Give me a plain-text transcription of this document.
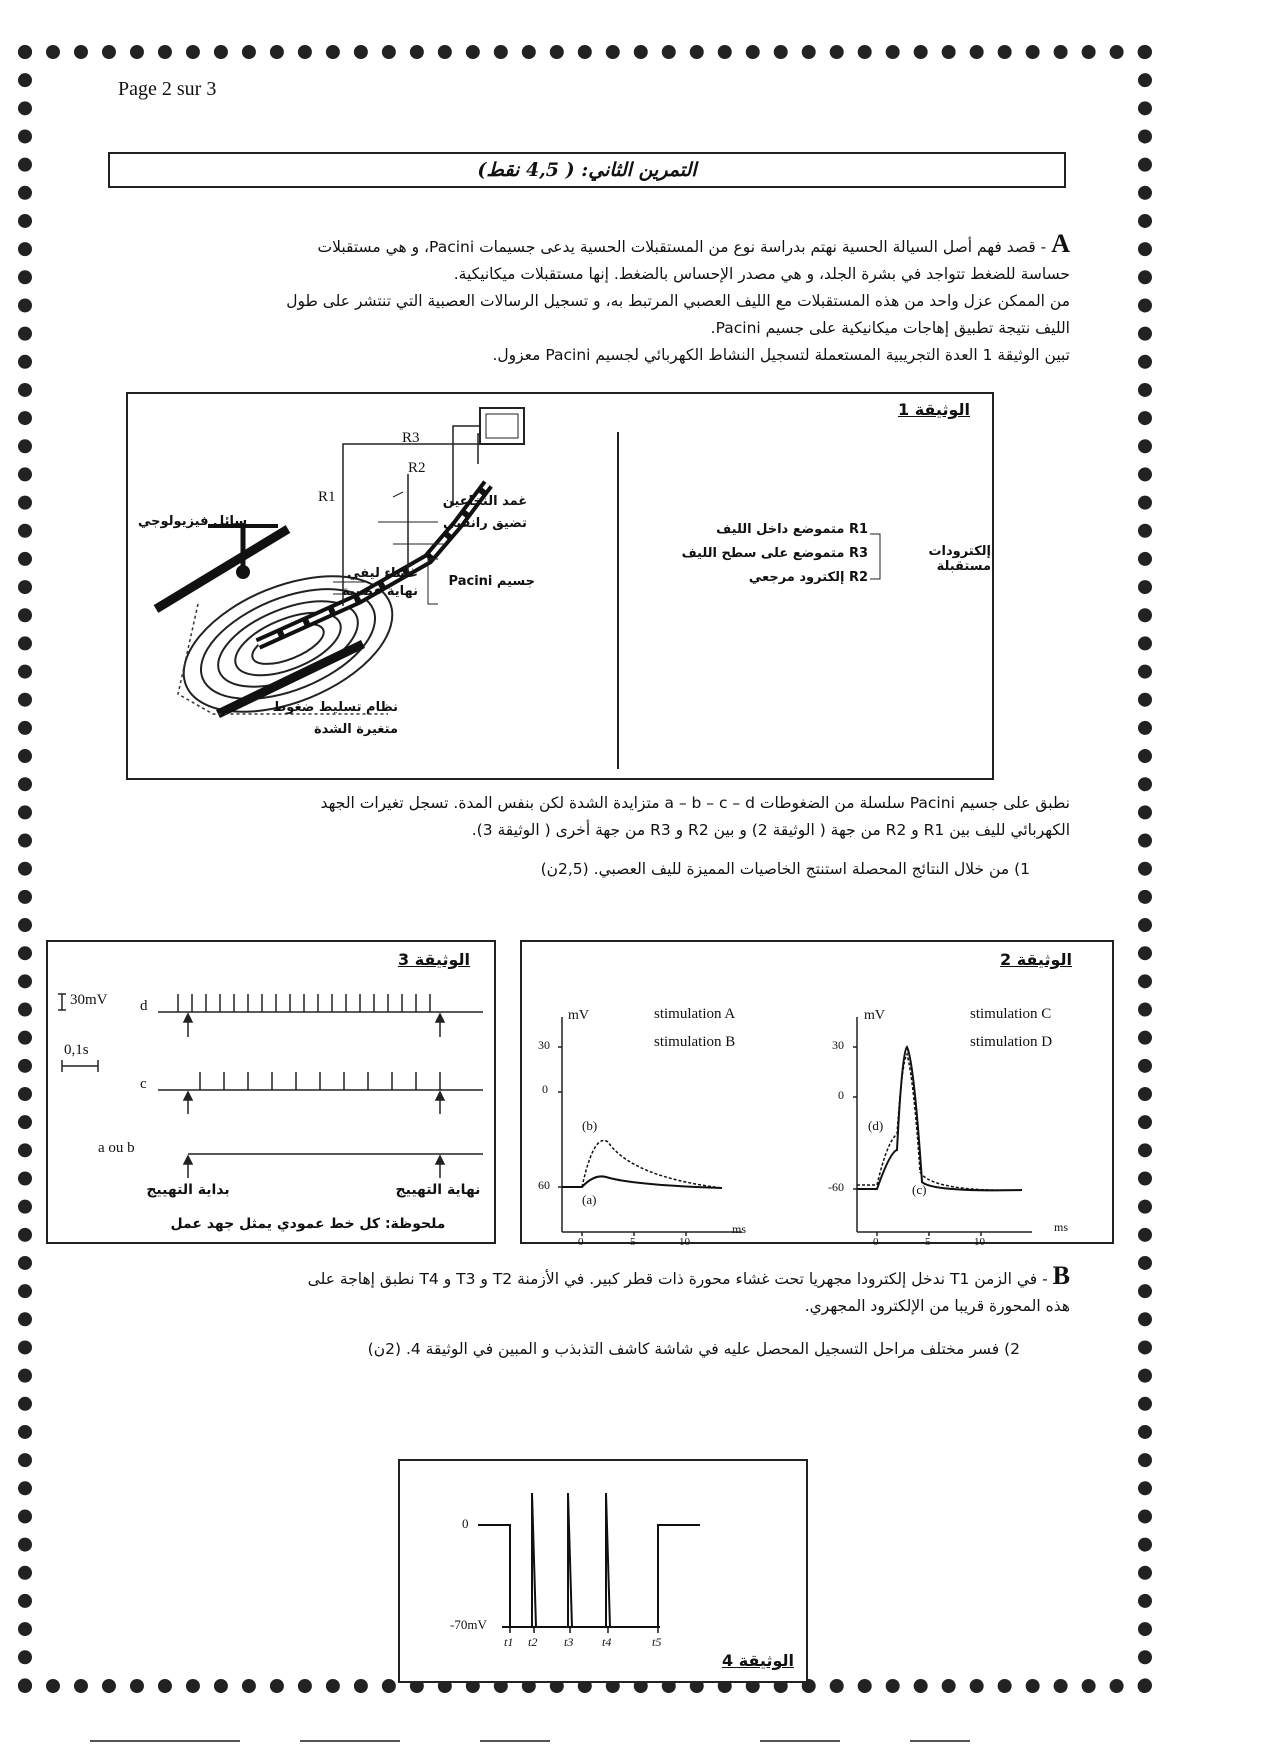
Page 2 sur 3
التمرين الثاني: ( 4,5 نقط)
A - قصد فهم أصل السيالة الحسية نهتم بدراسة نوع من المستقبلات الحسية يدعى جسيمات Pacini، و هي مستقبلات
حساسة للضغط تتواجد في بشرة الجلد، و هي مصدر الإحساس بالضغط. إنها مستقبلات ميكانيكية.
من الممكن عزل واحد من هذه المستقبلات مع الليف العصبي المرتبط به، و تسجيل الرسالات العصبية التي تنتشر على طول
الليف نتيجة تطبيق إهاجات ميكانيكية على جسيم Pacini.
تبين الوثيقة 1 العدة التجريبية المستعملة لتسجيل النشاط الكهربائي لجسيم Pacini معزول.
الوثيقة 1
سائل فيزيولوجي
R3
R2
R1	غمد النخاعين
تضيق رانفيي
غشاء ليفي
نهاية عصبية
جسيم Pacini
نظام تسليط ضغوط
متغيرة الشدة
إلكترودات مستقبلة
R1 متموضع داخل الليف
R3 متموضع على سطح الليف
R2 إلكترود مرجعي
نطبق على جسيم Pacini سلسلة من الضغوطات a – b – c – d متزايدة الشدة لكن بنفس المدة. تسجل تغيرات الجهد
الكهربائي لليف بين R1 و R2 من جهة ( الوثيقة 2) و بين R2 و R3 من جهة أخرى ( الوثيقة 3).
1) من خلال النتائج المحصلة استنتج الخاصيات المميزة لليف العصبي. (2,5ن)
الوثيقة 3
30mV
0,1s
d
c
a ou b
بداية التهييج	نهاية التهييج
ملحوظة: كل خط عمودي يمثل جهد عمل
الوثيقة 2
mV	mV
stimulation A
stimulation B
stimulation C
stimulation D
30
0
60
30
0
-60
0	5	10
ms
0	5	10
ms
(a)
(b)
(c)
(d)
B - في الزمن T1 ندخل إلكترودا مجهريا تحت غشاء محورة ذات قطر كبير. في الأزمنة T2 و T3 و T4 نطبق إهاجة على
هذه المحورة قريبا من الإلكترود المجهري.
2) فسر مختلف مراحل التسجيل المحصل عليه في شاشة كاشف التذبذب و المبين في الوثيقة 4. (2ن)
0
-70mV
t1 t2 t3 t4	t5
الوثيقة 4
